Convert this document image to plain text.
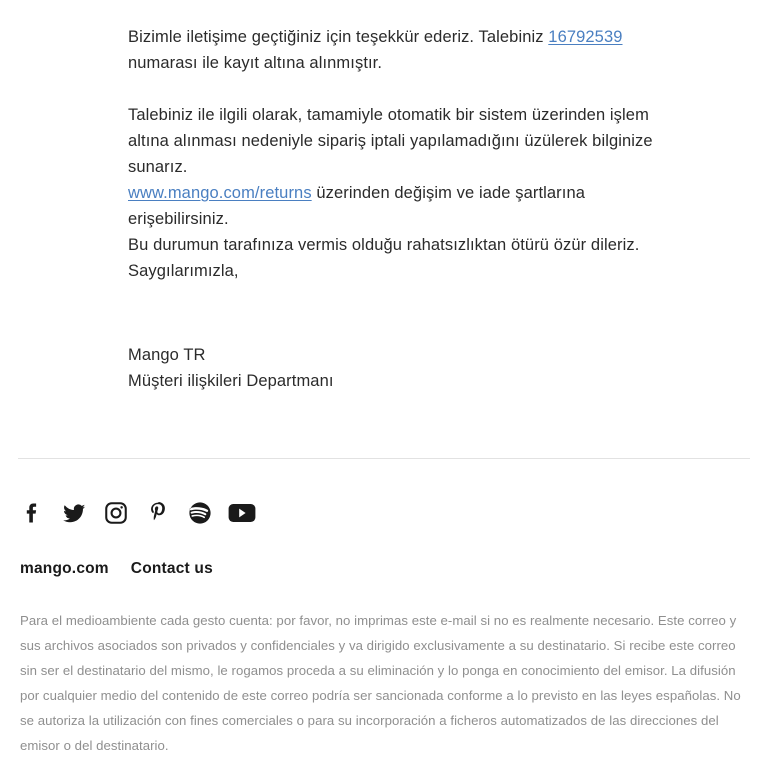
Bizimle iletişime geçtiğiniz için teşekkür ederiz. Talebiniz 16792539 numarası ile kayıt altına alınmıştır.

Talebiniz ile ilgili olarak, tamamiyle otomatik bir sistem üzerinden işlem altına alınması nedeniyle sipariş iptali yapılamadığını üzülerek bilginize sunarız.

www.mango.com/returns üzerinden değişim ve iade şartlarına erişebilirsiniz.

Bu durumun tarafınıza vermis olduğu rahatsızlıktan ötürü özür dileriz.

Saygılarımızla,

Mango TR

Müşteri ilişkileri Departmanı

mango.com Contact us
Para el medioambiente cada gesto cuenta: por favor, no imprimas este e-mail si no es realmente necesario. Este correo y sus archivos asociados son privados y confidenciales y va dirigido exclusivamente a su destinatario. Si recibe este correo sin ser el destinatario del mismo, le rogamos proceda a su eliminación y lo ponga en conocimiento del emisor. La difusión por cualquier medio del contenido de este correo podría ser sancionada conforme a lo previsto en las leyes españolas. No se autoriza la utilización con fines comerciales o para su incorporación a ficheros automatizados de las direcciones del emisor o del destinatario.
